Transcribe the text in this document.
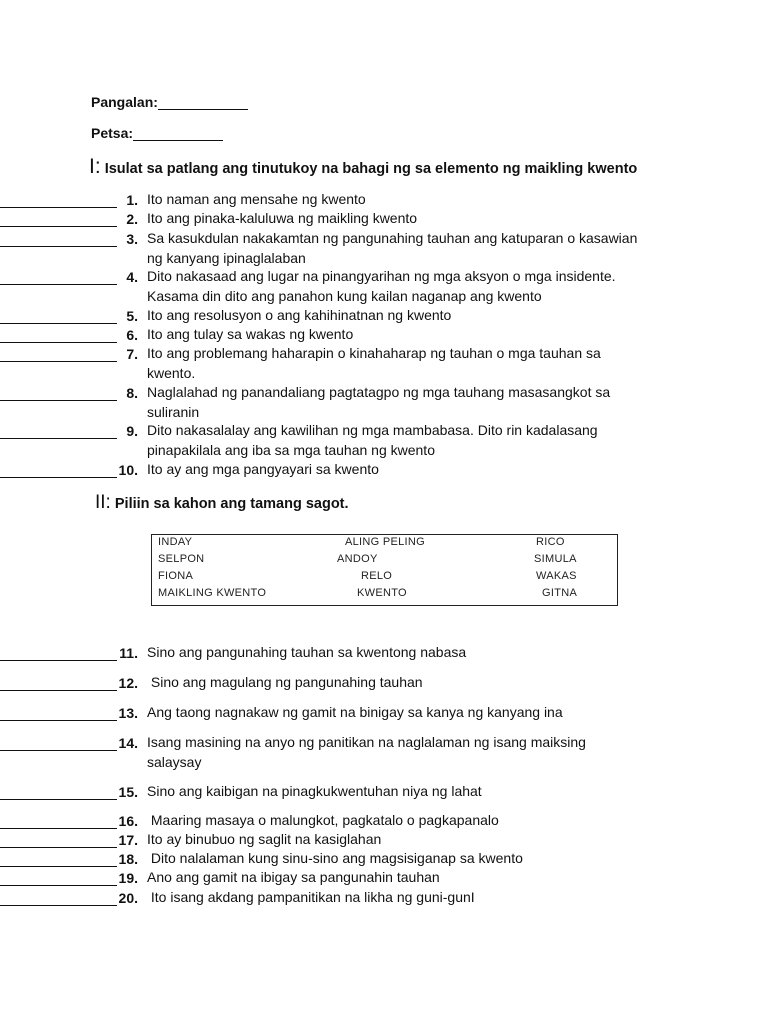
Pangalan:
Petsa:
I: Isulat sa patlang ang tinutukoy na bahagi ng sa elemento ng maikling kwento
1. Ito naman ang mensahe ng kwento
2. Ito ang pinaka-kaluluwa ng maikling kwento
3. Sa kasukdulan nakakamtan ng pangunahing tauhan ang katuparan o kasawian
ng kanyang ipinaglalaban
4. Dito nakasaad ang lugar na pinangyarihan ng mga aksyon o mga insidente.
Kasama din dito ang panahon kung kailan naganap ang kwento
5. Ito ang resolusyon o ang kahihinatnan ng kwento
6. Ito ang tulay sa wakas ng kwento
7. Ito ang problemang haharapin o kinahaharap ng tauhan o mga tauhan sa
kwento.
8. Naglalahad ng panandaliang pagtatagpo ng mga tauhang masasangkot sa
suliranin
9. Dito nakasalalay ang kawilihan ng mga mambabasa. Dito rin kadalasang
pinapakilala ang iba sa mga tauhan ng kwento
10. Ito ay ang mga pangyayari sa kwento
II: Piliin sa kahon ang tamang sagot.
INDAY	ALING PELING	RICO
SELPON	ANDOY	SIMULA
FIONA	RELO	WAKAS
MAIKLING KWENTO	KWENTO	GITNA
11. Sino ang pangunahing tauhan sa kwentong nabasa
12. Sino ang magulang ng pangunahing tauhan
13. Ang taong nagnakaw ng gamit na binigay sa kanya ng kanyang ina
14. Isang masining na anyo ng panitikan na naglalaman ng isang maiksing
salaysay
15. Sino ang kaibigan na pinagkukwentuhan niya ng lahat
16. Maaring masaya o malungkot, pagkatalo o pagkapanalo
17. Ito ay binubuo ng saglit na kasiglahan
18. Dito nalalaman kung sinu-sino ang magsisiganap sa kwento
19. Ano ang gamit na ibigay sa pangunahin tauhan
20. Ito isang akdang pampanitikan na likha ng guni-gunI
